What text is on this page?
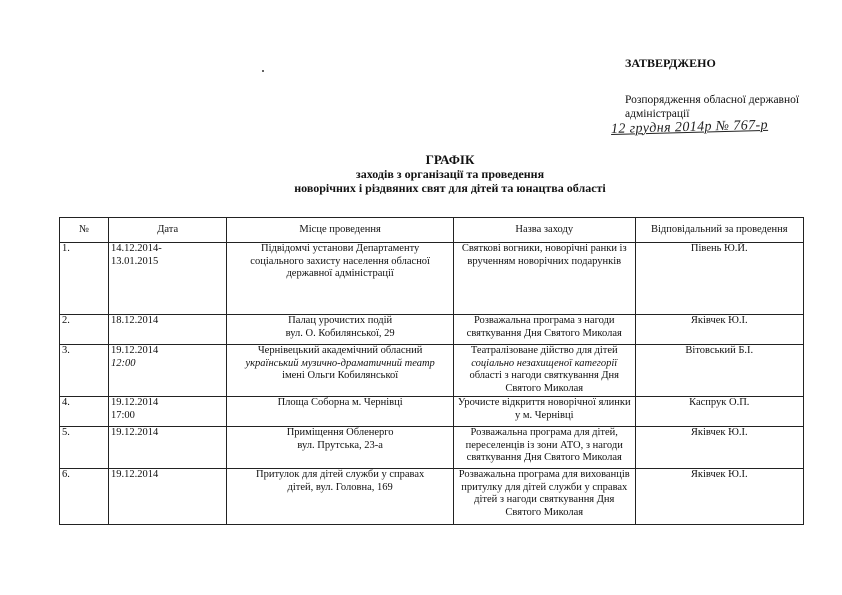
ЗАТВЕРДЖЕНО
Розпорядження обласної державної адміністрації
12 грудня 2014р № 767-р
ГРАФІК
заходів з організації та проведення
новорічних і різдвяних свят для дітей та юнацтва області
№	Дата	Місце проведення	Назва заходу	Відповідальний за проведення
1.	14.12.2014-
13.01.2015	Підвідомчі установи Департаменту
соціального захисту населення обласної
державної адміністрації	Святкові вогники, новорічні ранки із
врученням новорічних подарунків	Півень Ю.Й.
2.	18.12.2014	Палац урочистих подій
вул. О. Кобилянської, 29	Розважальна програма з нагоди
святкування Дня Святого Миколая	Яківчек Ю.І.
3.	19.12.2014
12:00	Чернівецький академічний обласний
український музично-драматичний театр
імені Ольги Кобилянської	Театралізоване дійство для дітей
соціально незахищеної категорії
області з нагоди святкування Дня
Святого Миколая	Вітовський Б.І.
4.	19.12.2014
17:00	Площа Соборна м. Чернівці	Урочисте відкриття новорічної ялинки
у м. Чернівці	Каспрук О.П.
5.	19.12.2014	Приміщення Обленерго
вул. Прутська, 23-а	Розважальна програма для дітей,
переселенців із зони АТО, з нагоди
святкування Дня Святого Миколая	Яківчек Ю.І.
6.	19.12.2014	Притулок для дітей служби у справах
дітей, вул. Головна, 169	Розважальна програма для вихованців
притулку для дітей служби у справах
дітей з нагоди святкування Дня
Святого Миколая	Яківчек Ю.І.
